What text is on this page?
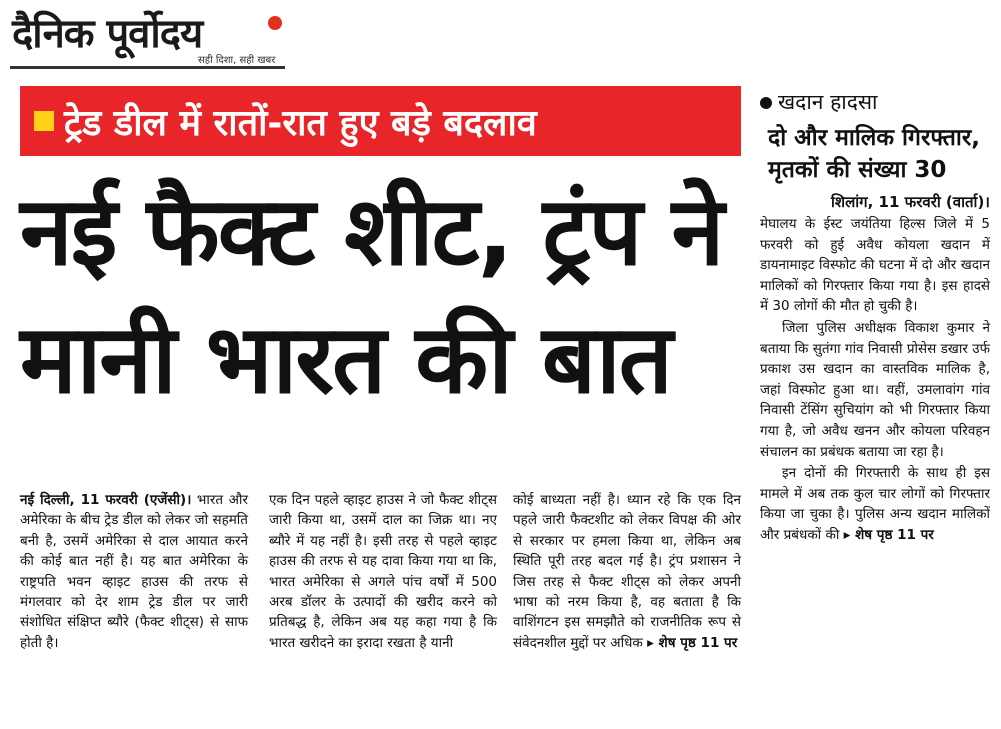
दैनिक पूर्वोदय
सही दिशा, सही खबर
ट्रेड डील में रातों-रात हुए बड़े बदलाव
नई फैक्ट शीट, ट्रंप ने
मानी भारत की बात
नई दिल्ली, 11 फरवरी (एजेंसी)। भारत और अमेरिका के बीच ट्रेड डील को लेकर जो सहमति बनी है, उसमें अमेरिका से दाल आयात करने की कोई बात नहीं है। यह बात अमेरिका के राष्ट्रपति भवन व्हाइट हाउस की तरफ से मंगलवार को देर शाम ट्रेड डील पर जारी संशोधित संक्षिप्त ब्यौरे (फैक्ट शीट्स) से साफ होती है।
एक दिन पहले व्हाइट हाउस ने जो फैक्ट शीट्स जारी किया था, उसमें दाल का जिक्र था। नए ब्यौरे में यह नहीं है। इसी तरह से पहले व्हाइट हाउस की तरफ से यह दावा किया गया था कि, भारत अमेरिका से अगले पांच वर्षों में 500 अरब डॉलर के उत्पादों की खरीद करने को प्रतिबद्ध है, लेकिन अब यह कहा गया है कि भारत खरीदने का इरादा रखता है यानी
कोई बाध्यता नहीं है। ध्यान रहे कि एक दिन पहले जारी फैक्टशीट को लेकर विपक्ष की ओर से सरकार पर हमला किया था, लेकिन अब स्थिति पूरी तरह बदल गई है। ट्रंप प्रशासन ने जिस तरह से फैक्ट शीट्स को लेकर अपनी भाषा को नरम किया है, वह बताता है कि वाशिंगटन इस समझौते को राजनीतिक रूप से संवेदनशील मुद्दों पर अधिक ▸ शेष पृष्ठ 11 पर
खदान हादसा
दो और मालिक गिरफ्तार, मृतकों की संख्या 30
शिलांग, 11 फरवरी (वार्ता)।

मेघालय के ईस्ट जयंतिया हिल्स जिले में 5 फरवरी को हुई अवैध कोयला खदान में डायनामाइट विस्फोट की घटना में दो और खदान मालिकों को गिरफ्तार किया गया है। इस हादसे में 30 लोगों की मौत हो चुकी है।

जिला पुलिस अधीक्षक विकाश कुमार ने बताया कि सुतंगा गांव निवासी प्रोसेस डखार उर्फ प्रकाश उस खदान का वास्तविक मालिक है, जहां विस्फोट हुआ था। वहीं, उमलावांग गांव निवासी टेंसिंग सुचियांग को भी गिरफ्तार किया गया है, जो अवैध खनन और कोयला परिवहन संचालन का प्रबंधक बताया जा रहा है।

इन दोनों की गिरफ्तारी के साथ ही इस मामले में अब तक कुल चार लोगों को गिरफ्तार किया जा चुका है। पुलिस अन्य खदान मालिकों और प्रबंधकों की ▸ शेष पृष्ठ 11 पर
